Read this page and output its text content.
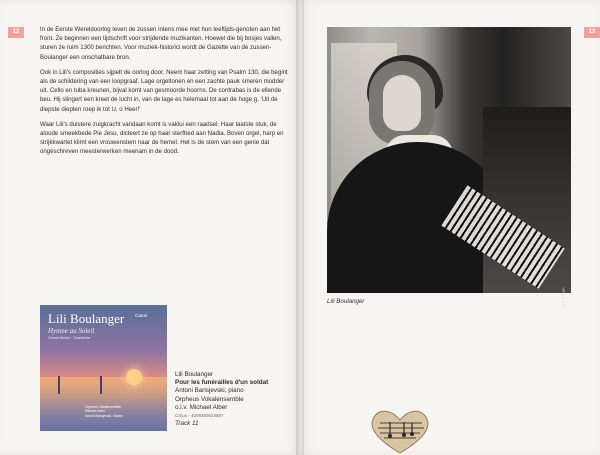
12	13

In de Eerste Wereldoorlog leven de zussen intens mee met hun leeftijds-genoten aan het front. Ze beginnen een tijdschrift voor strijdende muzikanten. Hoewel die bij bosjes vallen, sturen ze ruim 1300 berichten. Voor muziek-historici wordt de Gazette van de zussen-Boulanger een onschatbare bron.

Ook in Lili's composities sijpelt de oorlog door. Neem haar zetting van Psalm 130, die begint als de schildering van een loopgraaf. Lage orgeltonen en een zachte pauk smeren modder uit. Cello en tuba kreunen, bijval komt van gesmoorde hoorns. De contrabas is de ellende beu. Hij slingert een kreet de lucht in, van de lage es helemaal tot aan de hoge g. 'Uit de diepste diepten roep ik tot U, o Heer!'

Waar Lili's duistere zuigkracht vandaan komt is vaklui een raadsel. Haar laatste stuk, de aloude smeekbede Pie Jesu, dicteert ze op haar sterfbed aan Nadia. Boven orgel, harp en strijkkwartet klimt een vrouwenstem naar de hemel. Het is de stem van een genie dat ongeschreven meesterwerken meenam in de dood.

Lili Boulanger
Hymne au Soleil
Choral Works · Chorwerke
Carus
Orpheus Vokalensemble
Michael Alber
Antoni Barisjevski, Klavier
Lili Boulanger
Pour les funérailles d'un soldat
Antoni Barisjevski, piano
Orpheus Vokalensemble
o.l.v. Michael Alber
Carus - 4009350834897
Track 11
Lebrecht Music
Lili Boulanger
